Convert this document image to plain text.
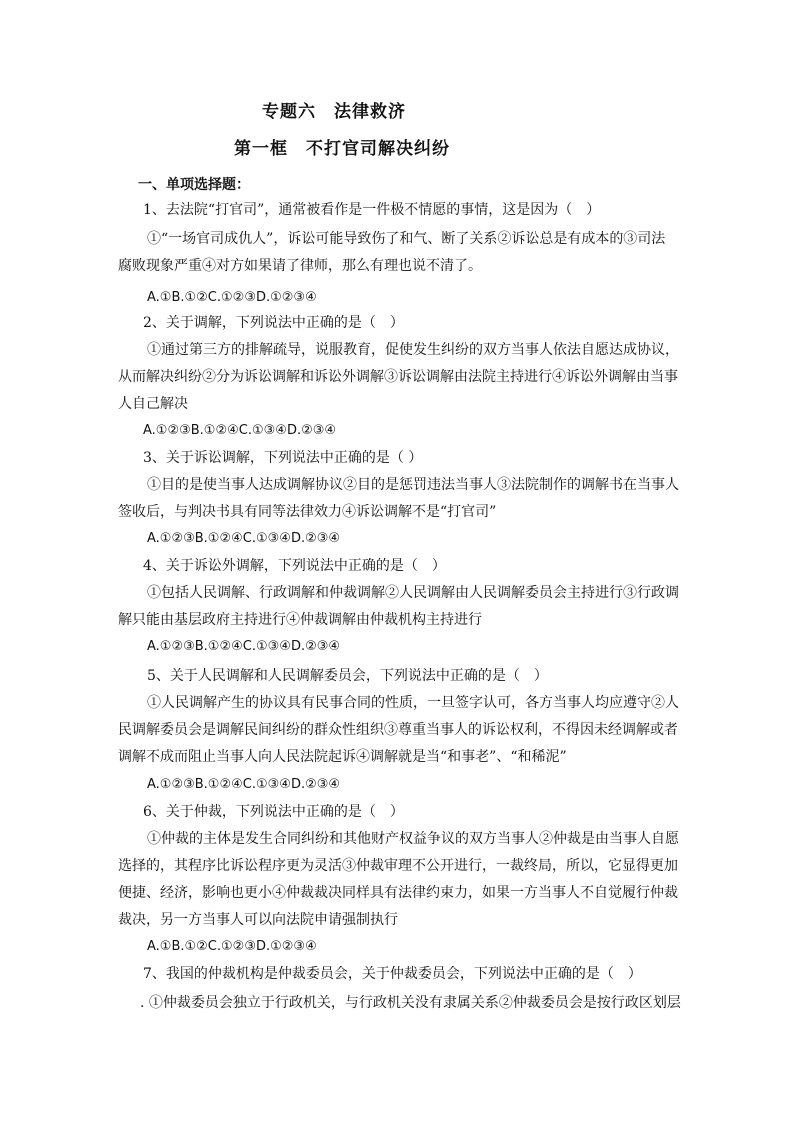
专题六　法律救济
第一框　不打官司解决纠纷
一、单项选择题：
1、去法院“打官司”，通常被看作是一件极不情愿的事情，这是因为（　）
①“一场官司成仇人”，诉讼可能导致伤了和气、断了关系②诉讼总是有成本的③司法
腐败现象严重④对方如果请了律师，那么有理也说不清了。
A.①B.①②C.①②③D.①②③④
2、关于调解，下列说法中正确的是（　）
①通过第三方的排解疏导，说服教育，促使发生纠纷的双方当事人依法自愿达成协议，
从而解决纠纷②分为诉讼调解和诉讼外调解③诉讼调解由法院主持进行④诉讼外调解由当事
人自己解决
A.①②③B.①②④C.①③④D.②③④
3、关于诉讼调解，下列说法中正确的是（ ）
①目的是使当事人达成调解协议②目的是惩罚违法当事人③法院制作的调解书在当事人
签收后，与判决书具有同等法律效力④诉讼调解不是“打官司”
A.①②③B.①②④C.①③④D.②③④
4、关于诉讼外调解，下列说法中正确的是（　）
①包括人民调解、行政调解和仲裁调解②人民调解由人民调解委员会主持进行③行政调
解只能由基层政府主持进行④仲裁调解由仲裁机构主持进行
A.①②③B.①②④C.①③④D.②③④
5、关于人民调解和人民调解委员会，下列说法中正确的是（　）
①人民调解产生的协议具有民事合同的性质，一旦签字认可，各方当事人均应遵守②人
民调解委员会是调解民间纠纷的群众性组织③尊重当事人的诉讼权利，不得因未经调解或者
调解不成而阻止当事人向人民法院起诉④调解就是当“和事老”、“和稀泥”
A.①②③B.①②④C.①③④D.②③④
6、关于仲裁，下列说法中正确的是（　）
①仲裁的主体是发生合同纠纷和其他财产权益争议的双方当事人②仲裁是由当事人自愿
选择的，其程序比诉讼程序更为灵活③仲裁审理不公开进行，一裁终局，所以，它显得更加
便捷、经济，影响也更小④仲裁裁决同样具有法律约束力，如果一方当事人不自觉履行仲裁
裁决，另一方当事人可以向法院申请强制执行
A.①B.①②C.①②③D.①②③④
7、我国的仲裁机构是仲裁委员会，关于仲裁委员会，下列说法中正确的是（　）
. ①仲裁委员会独立于行政机关，与行政机关没有隶属关系②仲裁委员会是按行政区划层
